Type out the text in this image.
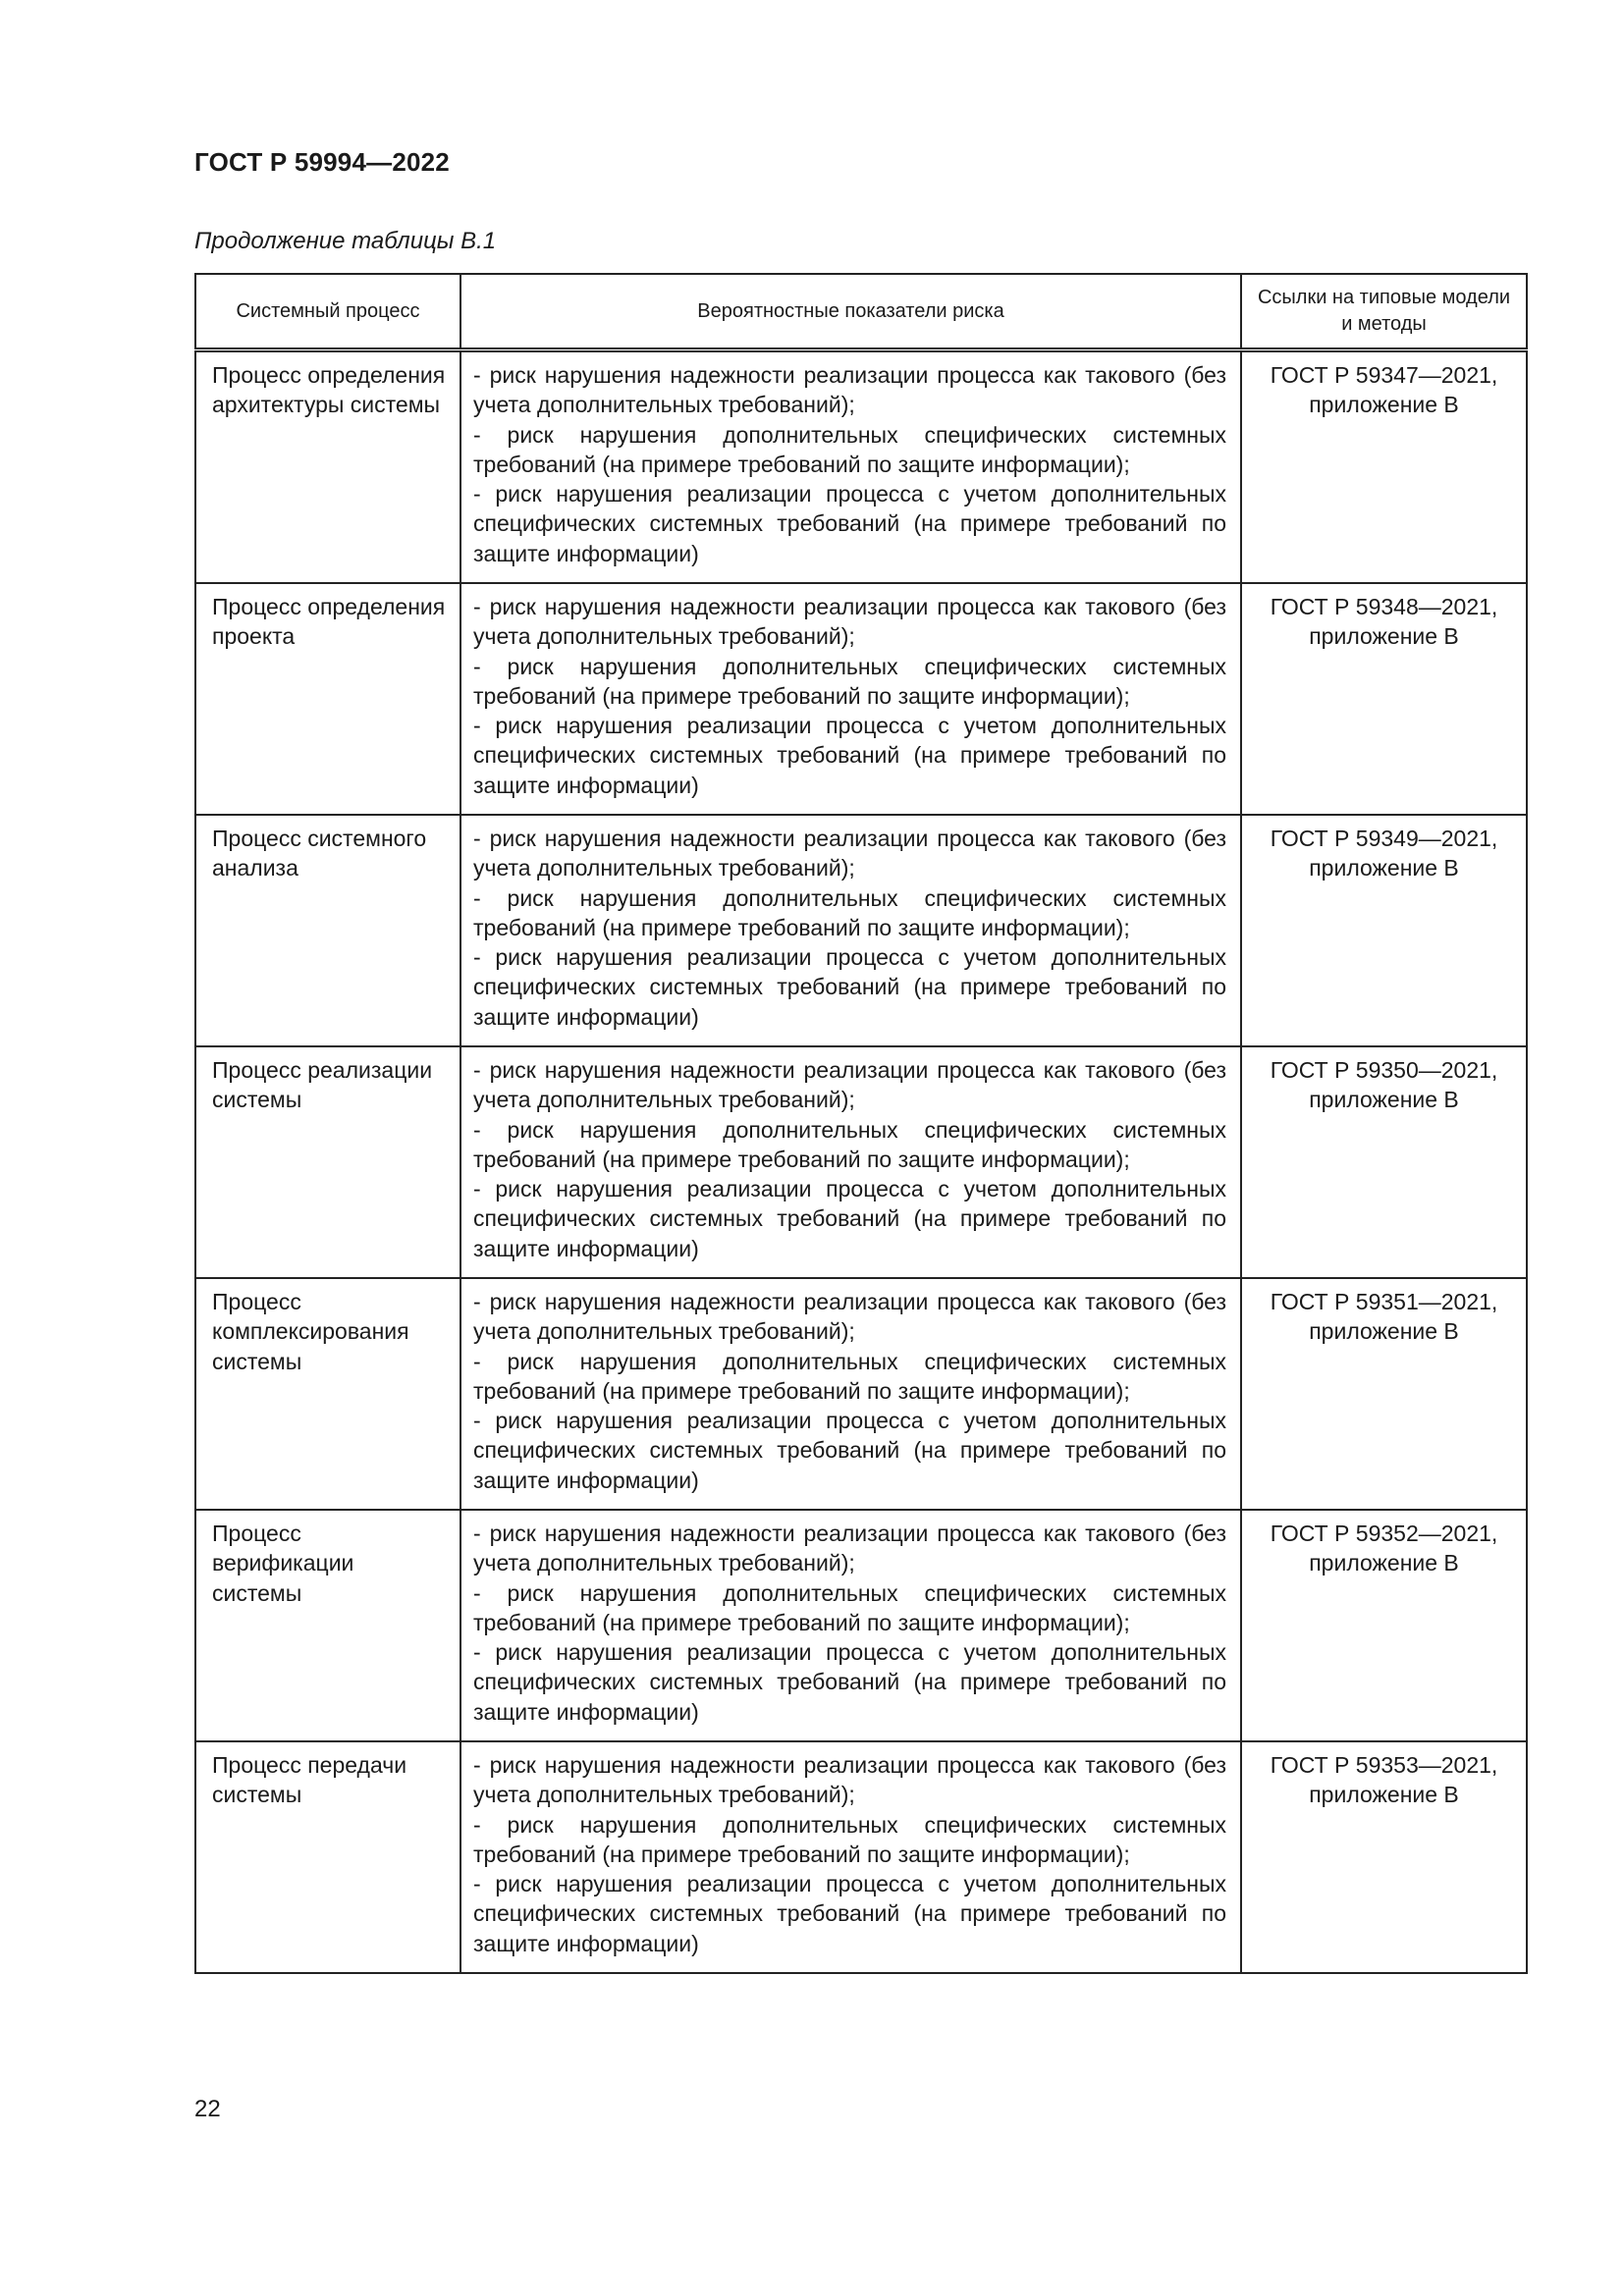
ГОСТ Р 59994—2022
Продолжение таблицы В.1
Системный процесс	Вероятностные показатели риска	Ссылки на типовые модели и методы
Процесс определения архитектуры системы	- риск нарушения надежности реализации процесса как такового (без учета дополнительных требований);
- риск нарушения дополнительных специфических системных требований (на примере требований по защите информации);
- риск нарушения реализации процесса с учетом дополнительных специфических системных требований (на примере требований по защите информации)	ГОСТ Р 59347—2021, приложение В
Процесс определения проекта	- риск нарушения надежности реализации процесса как такового (без учета дополнительных требований);
- риск нарушения дополнительных специфических системных требований (на примере требований по защите информации);
- риск нарушения реализации процесса с учетом дополнительных специфических системных требований (на примере требований по защите информации)	ГОСТ Р 59348—2021, приложение В
Процесс системного анализа	- риск нарушения надежности реализации процесса как такового (без учета дополнительных требований);
- риск нарушения дополнительных специфических системных требований (на примере требований по защите информации);
- риск нарушения реализации процесса с учетом дополнительных специфических системных требований (на примере требований по защите информации)	ГОСТ Р 59349—2021, приложение В
Процесс реализации системы	- риск нарушения надежности реализации процесса как такового (без учета дополнительных требований);
- риск нарушения дополнительных специфических системных требований (на примере требований по защите информации);
- риск нарушения реализации процесса с учетом дополнительных специфических системных требований (на примере требований по защите информации)	ГОСТ Р 59350—2021, приложение В
Процесс комплексирования системы	- риск нарушения надежности реализации процесса как такового (без учета дополнительных требований);
- риск нарушения дополнительных специфических системных требований (на примере требований по защите информации);
- риск нарушения реализации процесса с учетом дополнительных специфических системных требований (на примере требований по защите информации)	ГОСТ Р 59351—2021, приложение В
Процесс верификации системы	- риск нарушения надежности реализации процесса как такового (без учета дополнительных требований);
- риск нарушения дополнительных специфических системных требований (на примере требований по защите информации);
- риск нарушения реализации процесса с учетом дополнительных специфических системных требований (на примере требований по защите информации)	ГОСТ Р 59352—2021, приложение В
Процесс передачи системы	- риск нарушения надежности реализации процесса как такового (без учета дополнительных требований);
- риск нарушения дополнительных специфических системных требований (на примере требований по защите информации);
- риск нарушения реализации процесса с учетом дополнительных специфических системных требований (на примере требований по защите информации)	ГОСТ Р 59353—2021, приложение В
22
